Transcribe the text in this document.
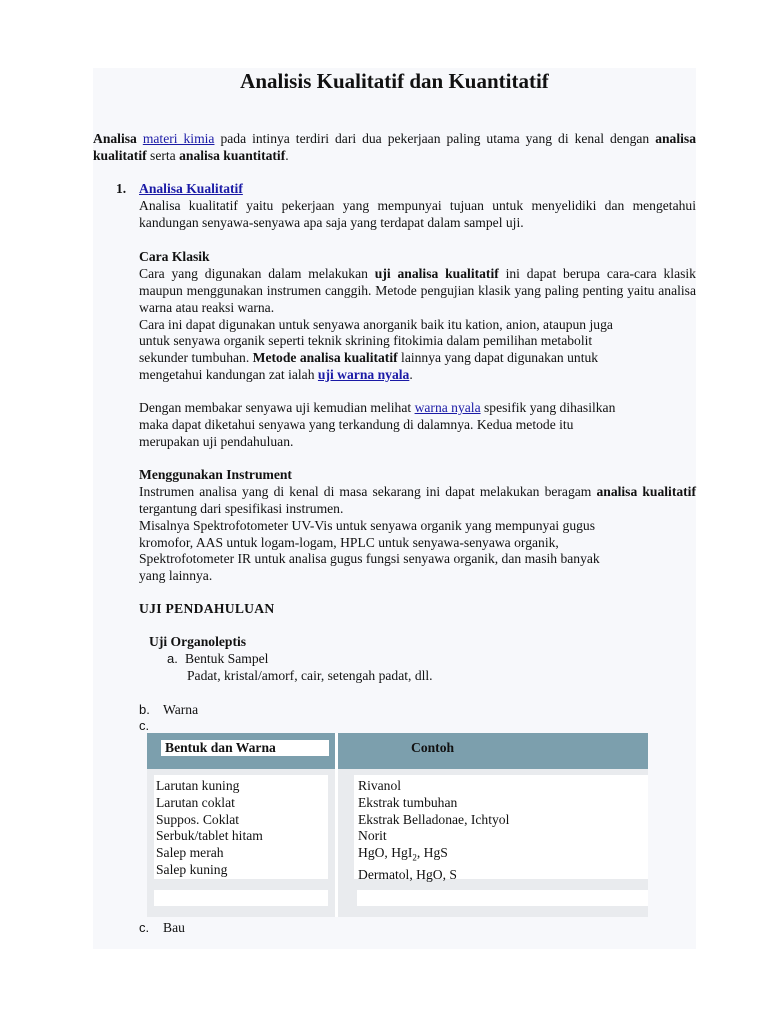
Analisis Kualitatif dan Kuantitatif
Analisa materi kimia pada intinya terdiri dari dua pekerjaan paling utama yang di kenal dengan analisa kualitatif serta analisa kuantitatif.
1. Analisa Kualitatif
Analisa kualitatif yaitu pekerjaan yang mempunyai tujuan untuk menyelidiki dan mengetahui kandungan senyawa-senyawa apa saja yang terdapat dalam sampel uji.
Cara Klasik
Cara yang digunakan dalam melakukan uji analisa kualitatif ini dapat berupa cara-cara klasik maupun menggunakan instrumen canggih. Metode pengujian klasik yang paling penting yaitu analisa warna atau reaksi warna.
Cara ini dapat digunakan untuk senyawa anorganik baik itu kation, anion, ataupun juga
untuk senyawa organik seperti teknik skrining fitokimia dalam pemilihan metabolit
sekunder tumbuhan. Metode analisa kualitatif lainnya yang dapat digunakan untuk
mengetahui kandungan zat ialah uji warna nyala.
Dengan membakar senyawa uji kemudian melihat warna nyala spesifik yang dihasilkan
maka dapat diketahui senyawa yang terkandung di dalamnya. Kedua metode itu
merupakan uji pendahuluan.
Menggunakan Instrument
Instrumen analisa yang di kenal di masa sekarang ini dapat melakukan beragam analisa kualitatif tergantung dari spesifikasi instrumen.
Misalnya Spektrofotometer UV-Vis untuk senyawa organik yang mempunyai gugus
kromofor, AAS untuk logam-logam, HPLC untuk senyawa-senyawa organik,
Spektrofotometer IR untuk analisa gugus fungsi senyawa organik, dan masih banyak
yang lainnya.
UJI PENDAHULUAN
Uji Organoleptis
a. Bentuk Sampel
Padat, kristal/amorf, cair, setengah padat, dll.
b. Warna
c.
Bentuk dan Warna	Contoh
Larutan kuning
Larutan coklat
Suppos. Coklat
Serbuk/tablet hitam
Salep merah
Salep kuning
Rivanol
Ekstrak tumbuhan
Ekstrak Belladonae, Ichtyol
Norit
HgO, HgI$_2$, HgS
Dermatol, HgO, S
c. Bau
